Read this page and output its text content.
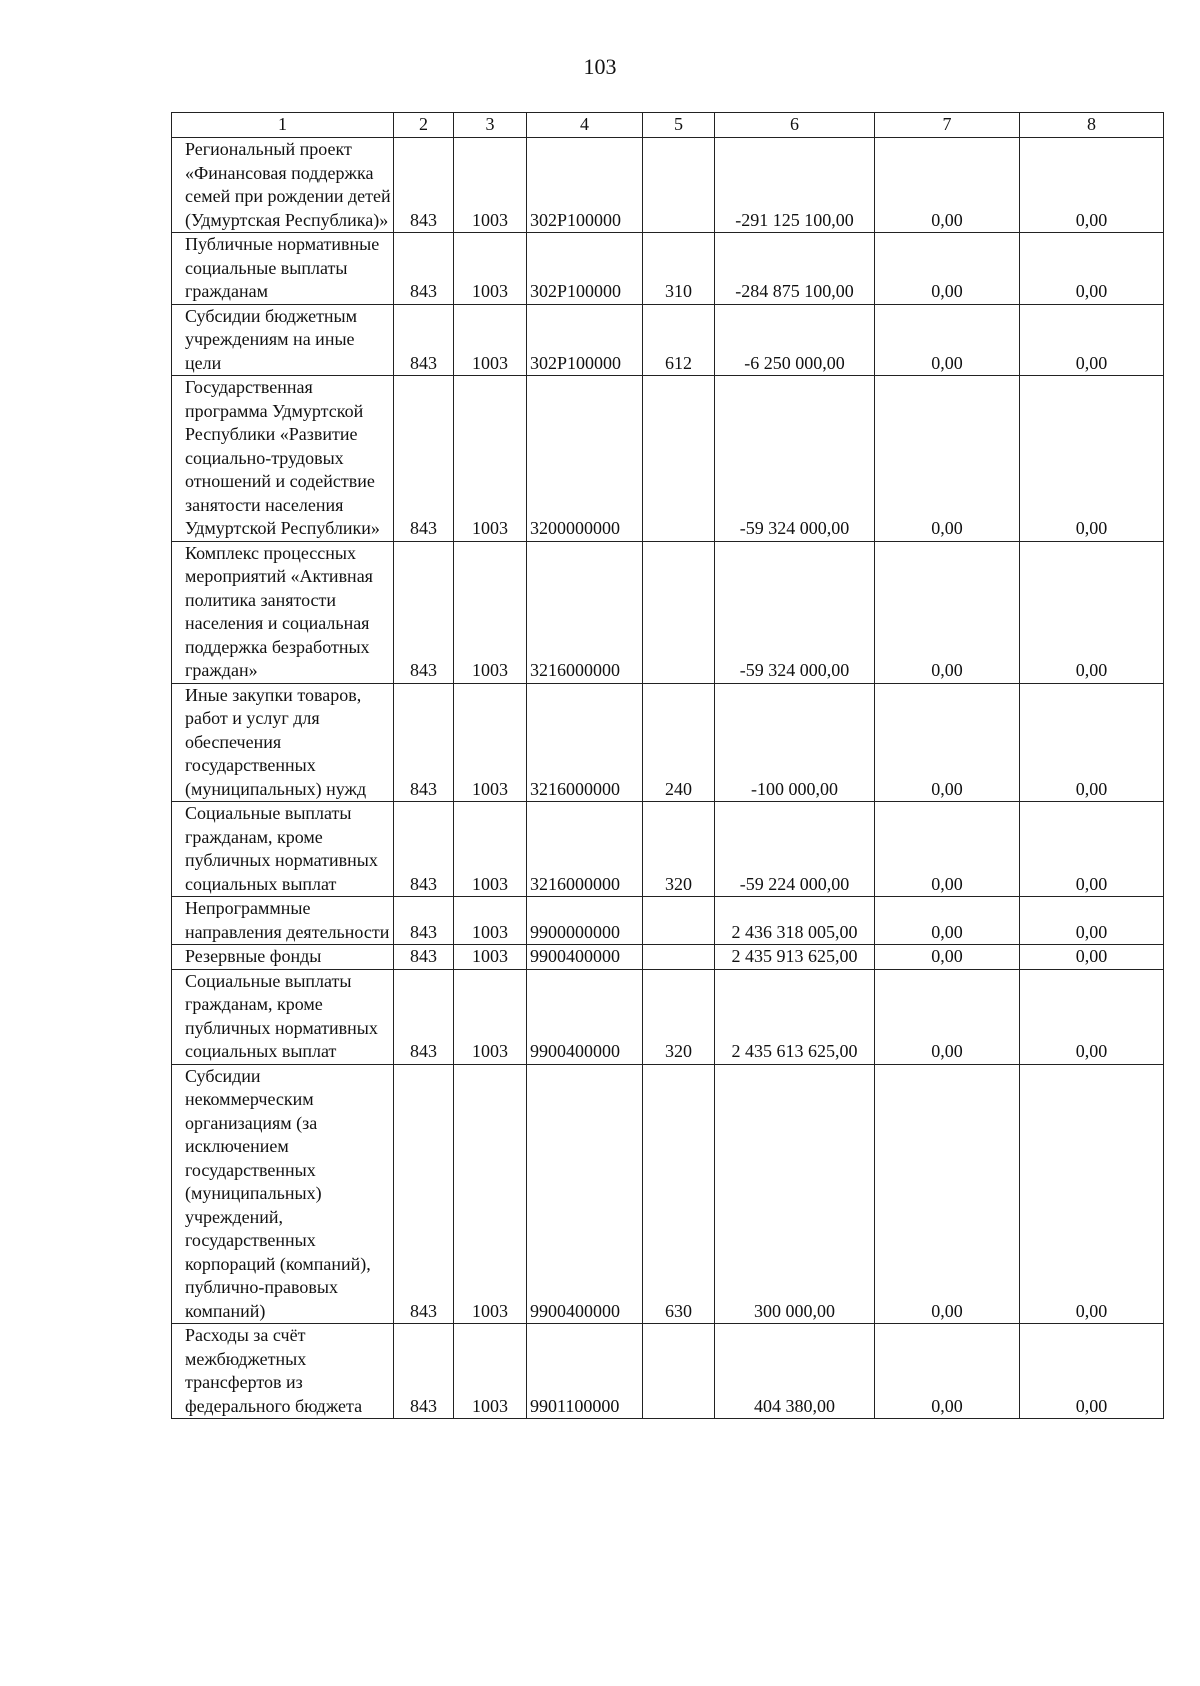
103
1	2	3	4	5	6	7	8
Региональный проект «Финансовая поддержка семей при рождении детей (Удмуртская Республика)»	843	1003	302P100000		-291 125 100,00	0,00	0,00
Публичные нормативные социальные выплаты гражданам	843	1003	302P100000	310	-284 875 100,00	0,00	0,00
Субсидии бюджетным учреждениям на иные цели	843	1003	302P100000	612	-6 250 000,00	0,00	0,00
Государственная программа Удмуртской Республики «Развитие социально-трудовых отношений и содействие занятости населения Удмуртской Республики»	843	1003	3200000000		-59 324 000,00	0,00	0,00
Комплекс процессных мероприятий «Активная политика занятости населения и социальная поддержка безработных граждан»	843	1003	3216000000		-59 324 000,00	0,00	0,00
Иные закупки товаров, работ и услуг для обеспечения государственных (муниципальных) нужд	843	1003	3216000000	240	-100 000,00	0,00	0,00
Социальные выплаты гражданам, кроме публичных нормативных социальных выплат	843	1003	3216000000	320	-59 224 000,00	0,00	0,00
Непрограммные направления деятельности	843	1003	9900000000		2 436 318 005,00	0,00	0,00
Резервные фонды	843	1003	9900400000		2 435 913 625,00	0,00	0,00
Социальные выплаты гражданам, кроме публичных нормативных социальных выплат	843	1003	9900400000	320	2 435 613 625,00	0,00	0,00
Субсидии некоммерческим организациям (за исключением государственных (муниципальных) учреждений, государственных корпораций (компаний), публично-правовых компаний)	843	1003	9900400000	630	300 000,00	0,00	0,00
Расходы за счёт межбюджетных трансфертов из федерального бюджета	843	1003	9901100000		404 380,00	0,00	0,00
